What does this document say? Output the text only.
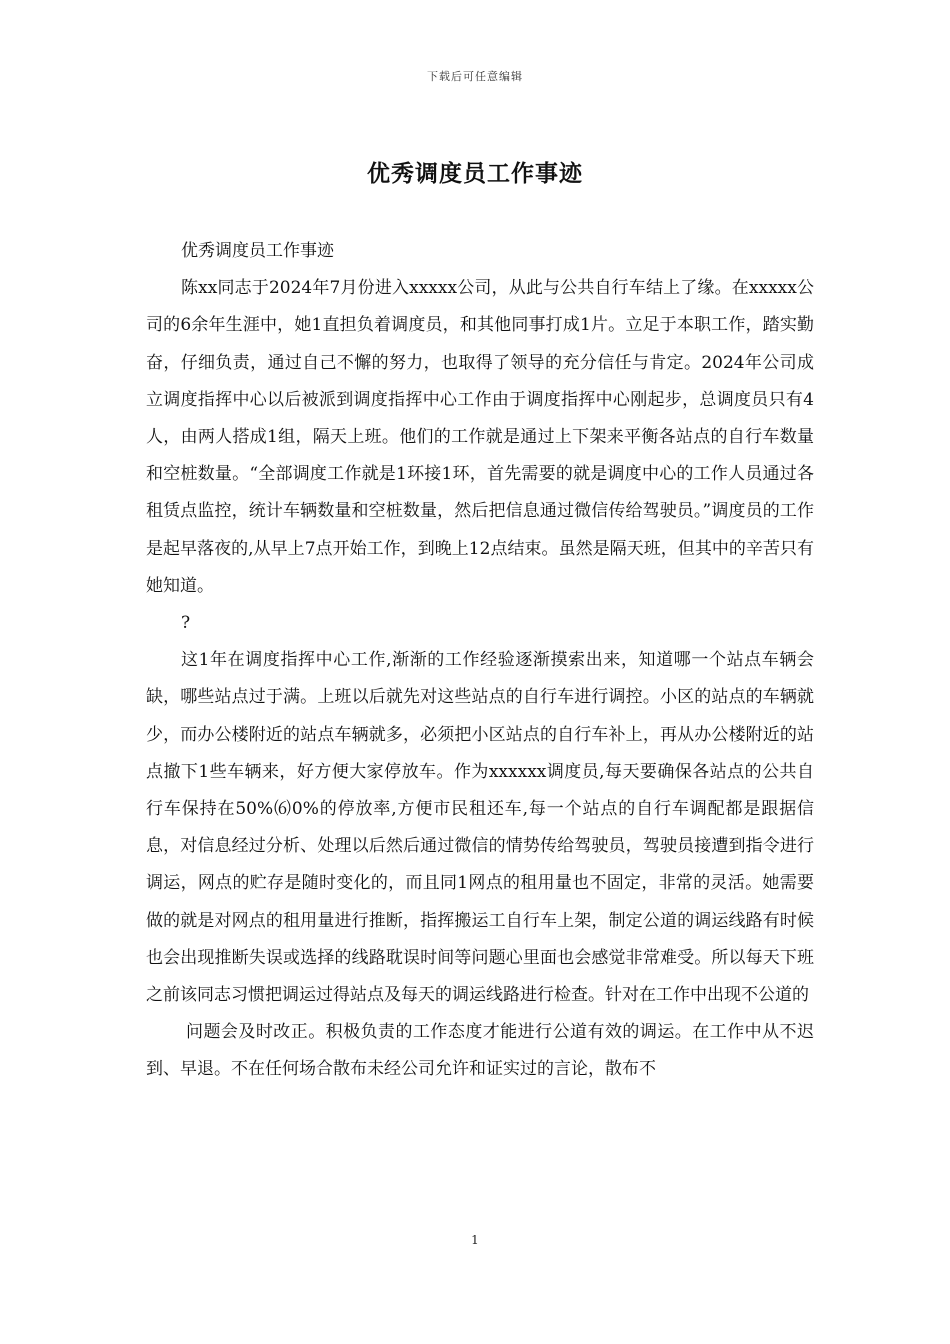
下载后可任意编辑
优秀调度员工作事迹

优秀调度员工作事迹

陈xx同志于2024年7月份进入xxxxx公司，从此与公共自行车结上了缘。在xxxxx公司的6余年生涯中，她1直担负着调度员，和其他同事打成1片。立足于本职工作，踏实勤奋，仔细负责，通过自己不懈的努力，也取得了领导的充分信任与肯定。2024年公司成立调度指挥中心以后被派到调度指挥中心工作由于调度指挥中心刚起步，总调度员只有4人，由两人搭成1组，隔天上班。他们的工作就是通过上下架来平衡各站点的自行车数量和空桩数量。“全部调度工作就是1环接1环，首先需要的就是调度中心的工作人员通过各租赁点监控，统计车辆数量和空桩数量，然后把信息通过微信传给驾驶员。”调度员的工作是起早落夜的,从早上7点开始工作，到晚上12点结束。虽然是隔天班，但其中的辛苦只有她知道。

?

这1年在调度指挥中心工作,渐渐的工作经验逐渐摸索出来，知道哪一个站点车辆会缺，哪些站点过于满。上班以后就先对这些站点的自行车进行调控。小区的站点的车辆就少，而办公楼附近的站点车辆就多，必须把小区站点的自行车补上，再从办公楼附近的站点撤下1些车辆来，好方便大家停放车。作为xxxxxx调度员,每天要确保各站点的公共自行车保持在50%⑹0%的停放率,方便市民租还车,每一个站点的自行车调配都是跟据信息，对信息经过分析、处理以后然后通过微信的情势传给驾驶员，驾驶员接遭到指令进行调运，网点的贮存是随时变化的，而且同1网点的租用量也不固定，非常的灵活。她需要做的就是对网点的租用量进行推断，指挥搬运工自行车上架，制定公道的调运线路有时候也会出现推断失误或选择的线路耽误时间等问题心里面也会感觉非常难受。所以每天下班之前该同志习惯把调运过得站点及每天的调运线路进行检查。针对在工作中出现不公道的

问题会及时改正。积极负责的工作态度才能进行公道有效的调运。在工作中从不迟到、早退。不在任何场合散布未经公司允许和证实过的言论，散布不

1
